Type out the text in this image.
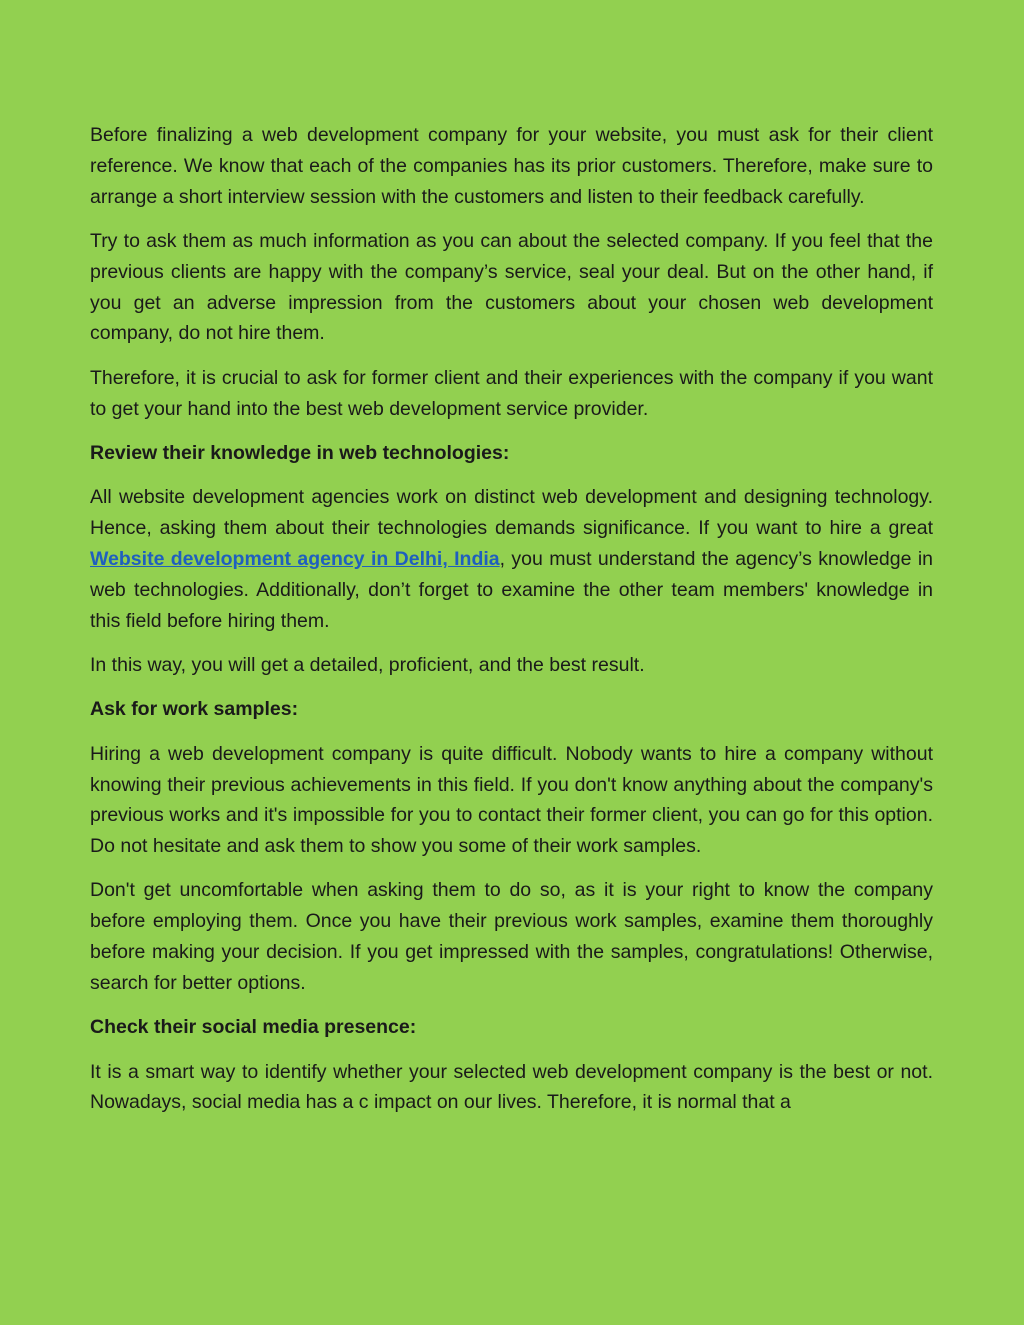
Before finalizing a web development company for your website, you must ask for their client reference. We know that each of the companies has its prior customers. Therefore, make sure to arrange a short interview session with the customers and listen to their feedback carefully.

Try to ask them as much information as you can about the selected company. If you feel that the previous clients are happy with the company’s service, seal your deal. But on the other hand, if you get an adverse impression from the customers about your chosen web development company, do not hire them.

Therefore, it is crucial to ask for former client and their experiences with the company if you want to get your hand into the best web development service provider.

Review their knowledge in web technologies:

All website development agencies work on distinct web development and designing technology. Hence, asking them about their technologies demands significance. If you want to hire a great Website development agency in Delhi, India, you must understand the agency’s knowledge in web technologies. Additionally, don’t forget to examine the other team members' knowledge in this field before hiring them.

In this way, you will get a detailed, proficient, and the best result.

Ask for work samples:

Hiring a web development company is quite difficult. Nobody wants to hire a company without knowing their previous achievements in this field. If you don't know anything about the company's previous works and it's impossible for you to contact their former client, you can go for this option. Do not hesitate and ask them to show you some of their work samples.

Don't get uncomfortable when asking them to do so, as it is your right to know the company before employing them. Once you have their previous work samples, examine them thoroughly before making your decision. If you get impressed with the samples, congratulations! Otherwise, search for better options.

Check their social media presence:

It is a smart way to identify whether your selected web development company is the best or not. Nowadays, social media has a c impact on our lives. Therefore, it is normal that a
